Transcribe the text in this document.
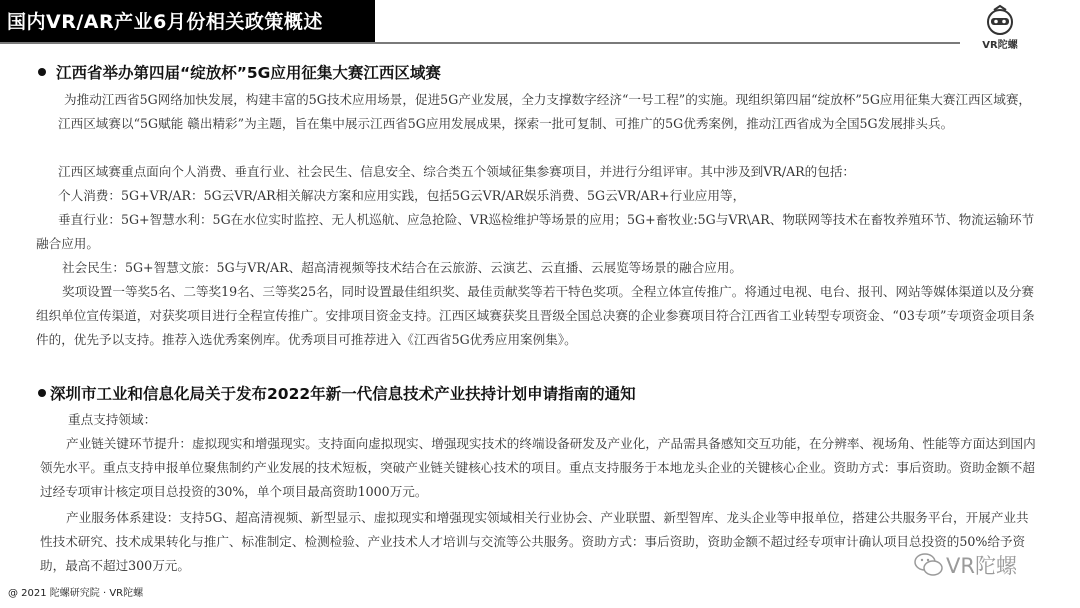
国内VR/AR产业6月份相关政策概述
VR陀螺
江西省举办第四届“绽放杯”5G应用征集大赛江西区域赛
为推动江西省5G网络加快发展，构建丰富的5G技术应用场景，促进5G产业发展，全力支撑数字经济“一号工程”的实施。现组织第四届“绽放杯”5G应用征集大赛江西区域赛，江西区域赛以“5G赋能 赣出精彩”为主题，旨在集中展示江西省5G应用发展成果，探索一批可复制、可推广的5G优秀案例，推动江西省成为全国5G发展排头兵。
江西区域赛重点面向个人消费、垂直行业、社会民生、信息安全、综合类五个领域征集参赛项目，并进行分组评审。其中涉及到VR/AR的包括：
个人消费：5G+VR/AR：5G云VR/AR相关解决方案和应用实践，包括5G云VR/AR娱乐消费、5G云VR/AR+行业应用等，
垂直行业：5G+智慧水利：5G在水位实时监控、无人机巡航、应急抢险、VR巡检维护等场景的应用；5G+畜牧业:5G与VR\AR、物联网等技术在畜牧养殖环节、物流运输环节融合应用。
社会民生：5G+智慧文旅：5G与VR/AR、超高清视频等技术结合在云旅游、云演艺、云直播、云展览等场景的融合应用。
奖项设置一等奖5名、二等奖19名、三等奖25名，同时设置最佳组织奖、最佳贡献奖等若干特色奖项。全程立体宣传推广。将通过电视、电台、报刊、网站等媒体渠道以及分赛组织单位宣传渠道，对获奖项目进行全程宣传推广。安排项目资金支持。江西区域赛获奖且晋级全国总决赛的企业参赛项目符合江西省工业转型专项资金、“03专项”专项资金项目条件的，优先予以支持。推荐入选优秀案例库。优秀项目可推荐进入《江西省5G优秀应用案例集》。
深圳市工业和信息化局关于发布2022年新一代信息技术产业扶持计划申请指南的通知
重点支持领域：
产业链关键环节提升：虚拟现实和增强现实。支持面向虚拟现实、增强现实技术的终端设备研发及产业化，产品需具备感知交互功能，在分辨率、视场角、性能等方面达到国内领先水平。重点支持申报单位聚焦制约产业发展的技术短板，突破产业链关键核心技术的项目。重点支持服务于本地龙头企业的关键核心企业。资助方式：事后资助。资助金额不超过经专项审计核定项目总投资的30%，单个项目最高资助1000万元。
产业服务体系建设：支持5G、超高清视频、新型显示、虚拟现实和增强现实领域相关行业协会、产业联盟、新型智库、龙头企业等申报单位，搭建公共服务平台，开展产业共性技术研究、技术成果转化与推广、标准制定、检测检验、产业技术人才培训与交流等公共服务。资助方式：事后资助，资助金额不超过经专项审计确认项目总投资的50%给予资助，最高不超过300万元。	VR陀螺
@ 2021 陀螺研究院 · VR陀螺
